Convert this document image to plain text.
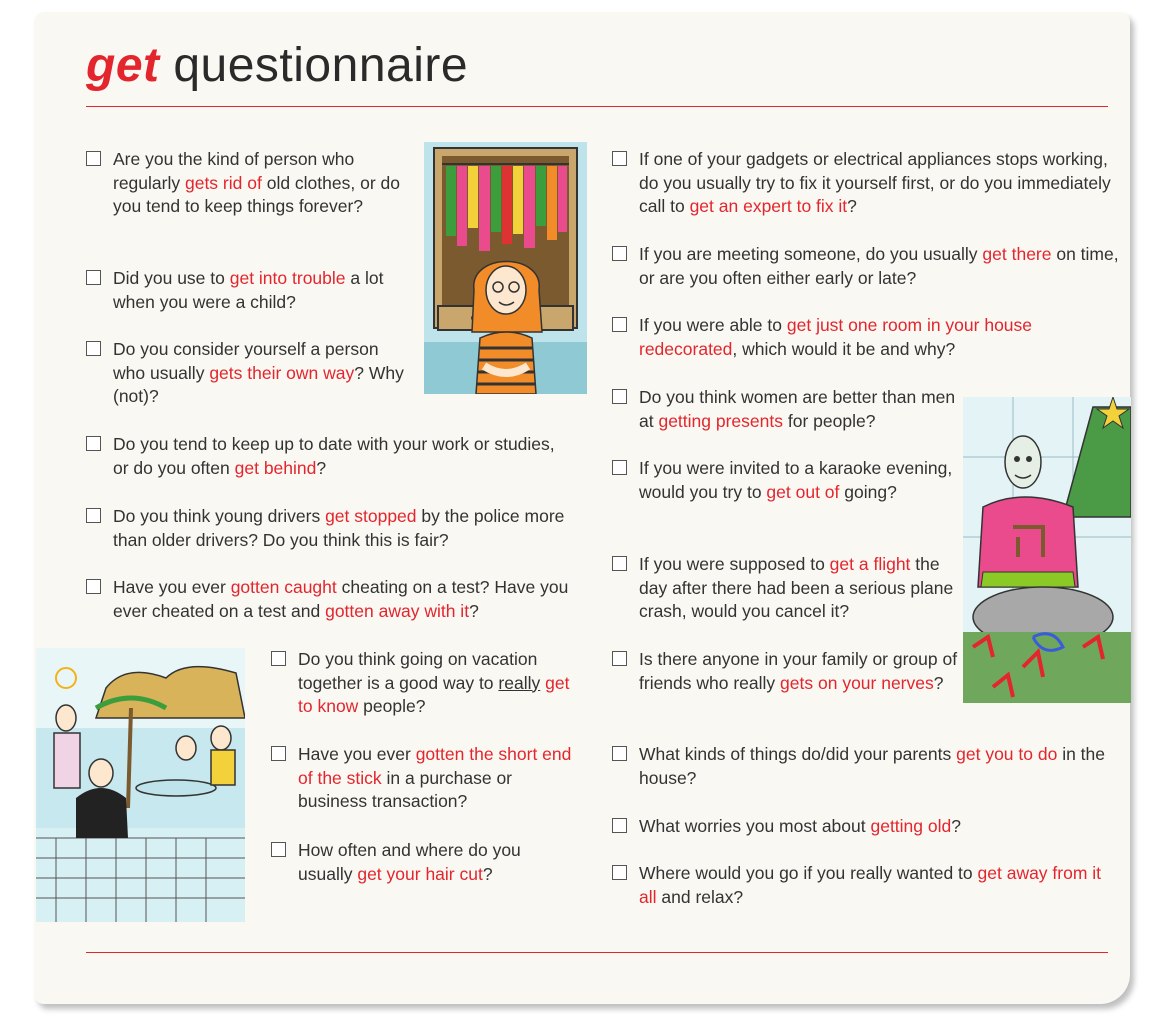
get questionnaire
Are you the kind of person who regularly gets rid of old clothes, or do you tend to keep things forever?
Did you use to get into trouble a lot when you were a child?
Do you consider yourself a person who usually gets their own way? Why (not)?
Do you tend to keep up to date with your work or studies, or do you often get behind?
Do you think young drivers get stopped by the police more than older drivers? Do you think this is fair?
Have you ever gotten caught cheating on a test? Have you ever cheated on a test and gotten away with it?
Do you think going on vacation together is a good way to really get to know people?
Have you ever gotten the short end of the stick in a purchase or business transaction?
How often and where do you usually get your hair cut?
If one of your gadgets or electrical appliances stops working, do you usually try to fix it yourself first, or do you immediately call to get an expert to fix it?
If you are meeting someone, do you usually get there on time, or are you often either early or late?
If you were able to get just one room in your house redecorated, which would it be and why?
Do you think women are better than men at getting presents for people?
If you were invited to a karaoke evening, would you try to get out of going?
If you were supposed to get a flight the day after there had been a serious plane crash, would you cancel it?
Is there anyone in your family or group of friends who really gets on your nerves?
What kinds of things do/did your parents get you to do in the house?
What worries you most about getting old?
Where would you go if you really wanted to get away from it all and relax?
